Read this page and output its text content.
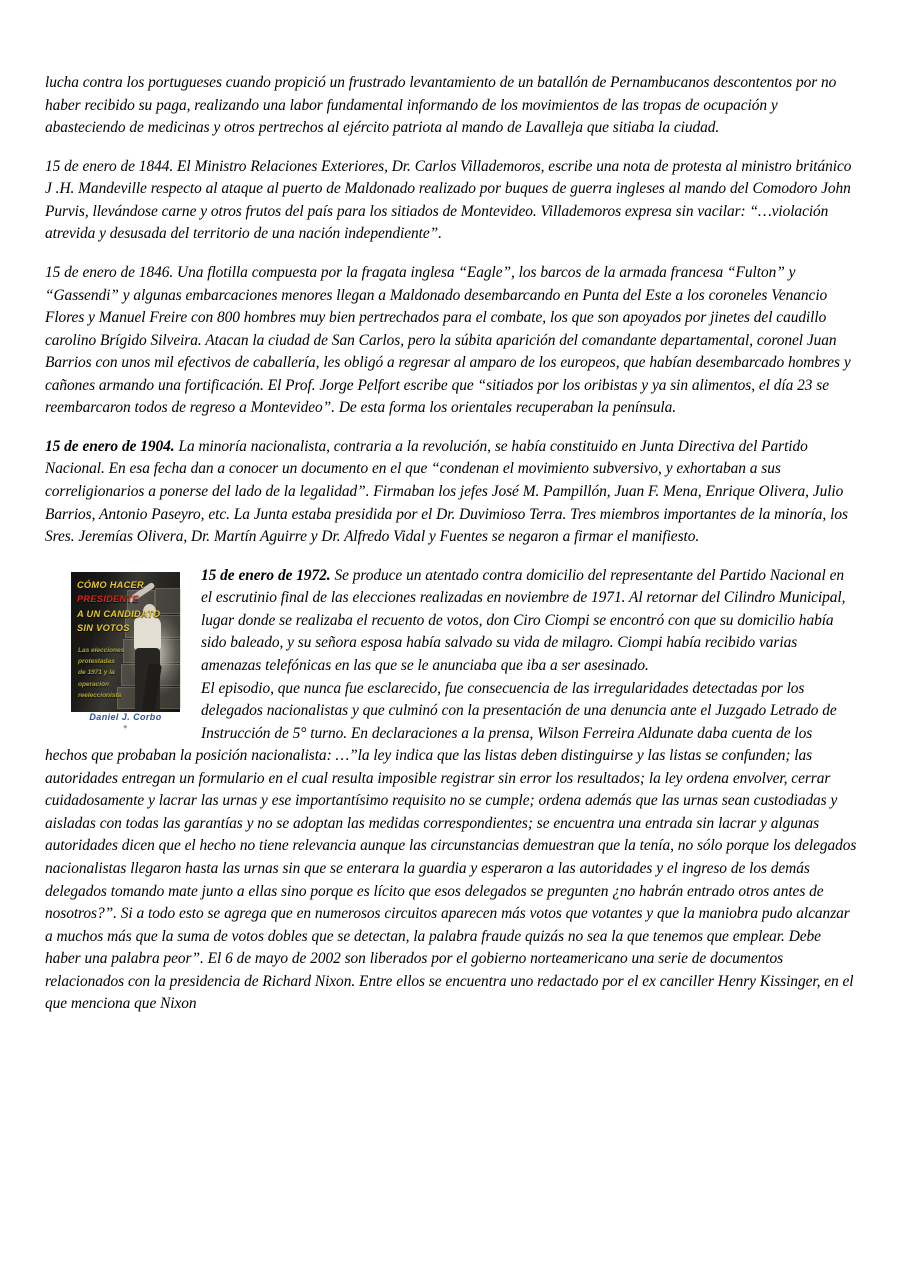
lucha contra los portugueses cuando propició un frustrado levantamiento de un batallón de Pernambucanos descontentos por no haber recibido su paga, realizando una labor fundamental informando de los movimientos de las tropas de ocupación y abasteciendo de medicinas y otros pertrechos al ejército patriota al mando de Lavalleja que sitiaba la ciudad.

15 de enero de 1844. El Ministro Relaciones Exteriores, Dr. Carlos Villademoros, escribe una nota de protesta al ministro británico J .H. Mandeville respecto al ataque al puerto de Maldonado realizado por buques de guerra ingleses al mando del Comodoro John Purvis, llevándose carne y otros frutos del país para los sitiados de Montevideo. Villademoros expresa sin vacilar: “…violación atrevida y desusada del territorio de una nación independiente”.

15 de enero de 1846. Una flotilla compuesta por la fragata inglesa “Eagle”, los barcos de la armada francesa “Fulton” y “Gassendi” y algunas embarcaciones menores llegan a Maldonado desembarcando en Punta del Este a los coroneles Venancio Flores y Manuel Freire con 800 hombres muy bien pertrechados para el combate, los que son apoyados por jinetes del caudillo carolino Brígido Silveira. Atacan la ciudad de San Carlos, pero la súbita aparición del comandante departamental, coronel Juan Barrios con unos mil efectivos de caballería, les obligó a regresar al amparo de los europeos, que habían desembarcado hombres y cañones armando una fortificación. El Prof. Jorge Pelfort escribe que “sitiados por los oribistas y ya sin alimentos, el día 23 se reembarcaron todos de regreso a Montevideo”. De esta forma los orientales recuperaban la península.

15 de enero de 1904. La minoría nacionalista, contraria a la revolución, se había constituido en Junta Directiva del Partido Nacional. En esa fecha dan a conocer un documento en el que “condenan el movimiento subversivo, y exhortaban a sus correligionarios a ponerse del lado de la legalidad”. Firmaban los jefes José M. Pampillón, Juan F. Mena, Enrique Olivera, Julio Barrios, Antonio Paseyro, etc. La Junta estaba presidida por el Dr. Duvimioso Terra. Tres miembros importantes de la minoría, los Sres. Jeremías Olivera, Dr. Martín Aguirre y Dr. Alfredo Vidal y Fuentes se negaron a firmar el manifiesto.

15 de enero de 1972. Se produce un atentado contra domicilio del representante del Partido Nacional en el escrutinio final de las elecciones realizadas en noviembre de 1971. Al retornar del Cilindro Municipal, lugar donde se realizaba el recuento de votos, don Ciro Ciompi se encontró con que su domicilio había sido baleado, y su señora esposa había salvado su vida de milagro. Ciompi había recibido varias amenazas telefónicas en las que se le anunciaba que iba a ser asesinado.
El episodio, que nunca fue esclarecido, fue consecuencia de las irregularidades detectadas por los delegados nacionalistas y que culminó con la presentación de una denuncia ante el Juzgado Letrado de Instrucción de 5° turno. En declaraciones a la prensa, Wilson Ferreira Aldunate daba cuenta de los hechos que probaban la posición nacionalista: …”la ley indica que las listas deben distinguirse y las listas se confunden; las autoridades entregan un formulario en el cual resulta imposible registrar sin error los resultados; la ley ordena envolver, cerrar cuidadosamente y lacrar las urnas y ese importantísimo requisito no se cumple; ordena además que las urnas sean custodiadas y aisladas con todas las garantías y no se adoptan las medidas correspondientes; se encuentra una entrada sin lacrar y algunas autoridades dicen que el hecho no tiene relevancia aunque las circunstancias demuestran que la tenía, no sólo porque los delegados nacionalistas llegaron hasta las urnas sin que se enterara la guardia y esperaron a las autoridades y el ingreso de los demás delegados tomando mate junto a ellas sino porque es lícito que esos delegados se pregunten ¿no habrán entrado otros antes de nosotros?”. Si a todo esto se agrega que en numerosos circuitos aparecen más votos que votantes y que la maniobra pudo alcanzar a muchos más que la suma de votos dobles que se detectan, la palabra fraude quizás no sea la que tenemos que emplear. Debe haber una palabra peor”. El 6 de mayo de 2002 son liberados por el gobierno norteamericano una serie de documentos relacionados con la presidencia de Richard Nixon. Entre ellos se encuentra uno redactado por el ex canciller Henry Kissinger, en el que menciona que Nixon
